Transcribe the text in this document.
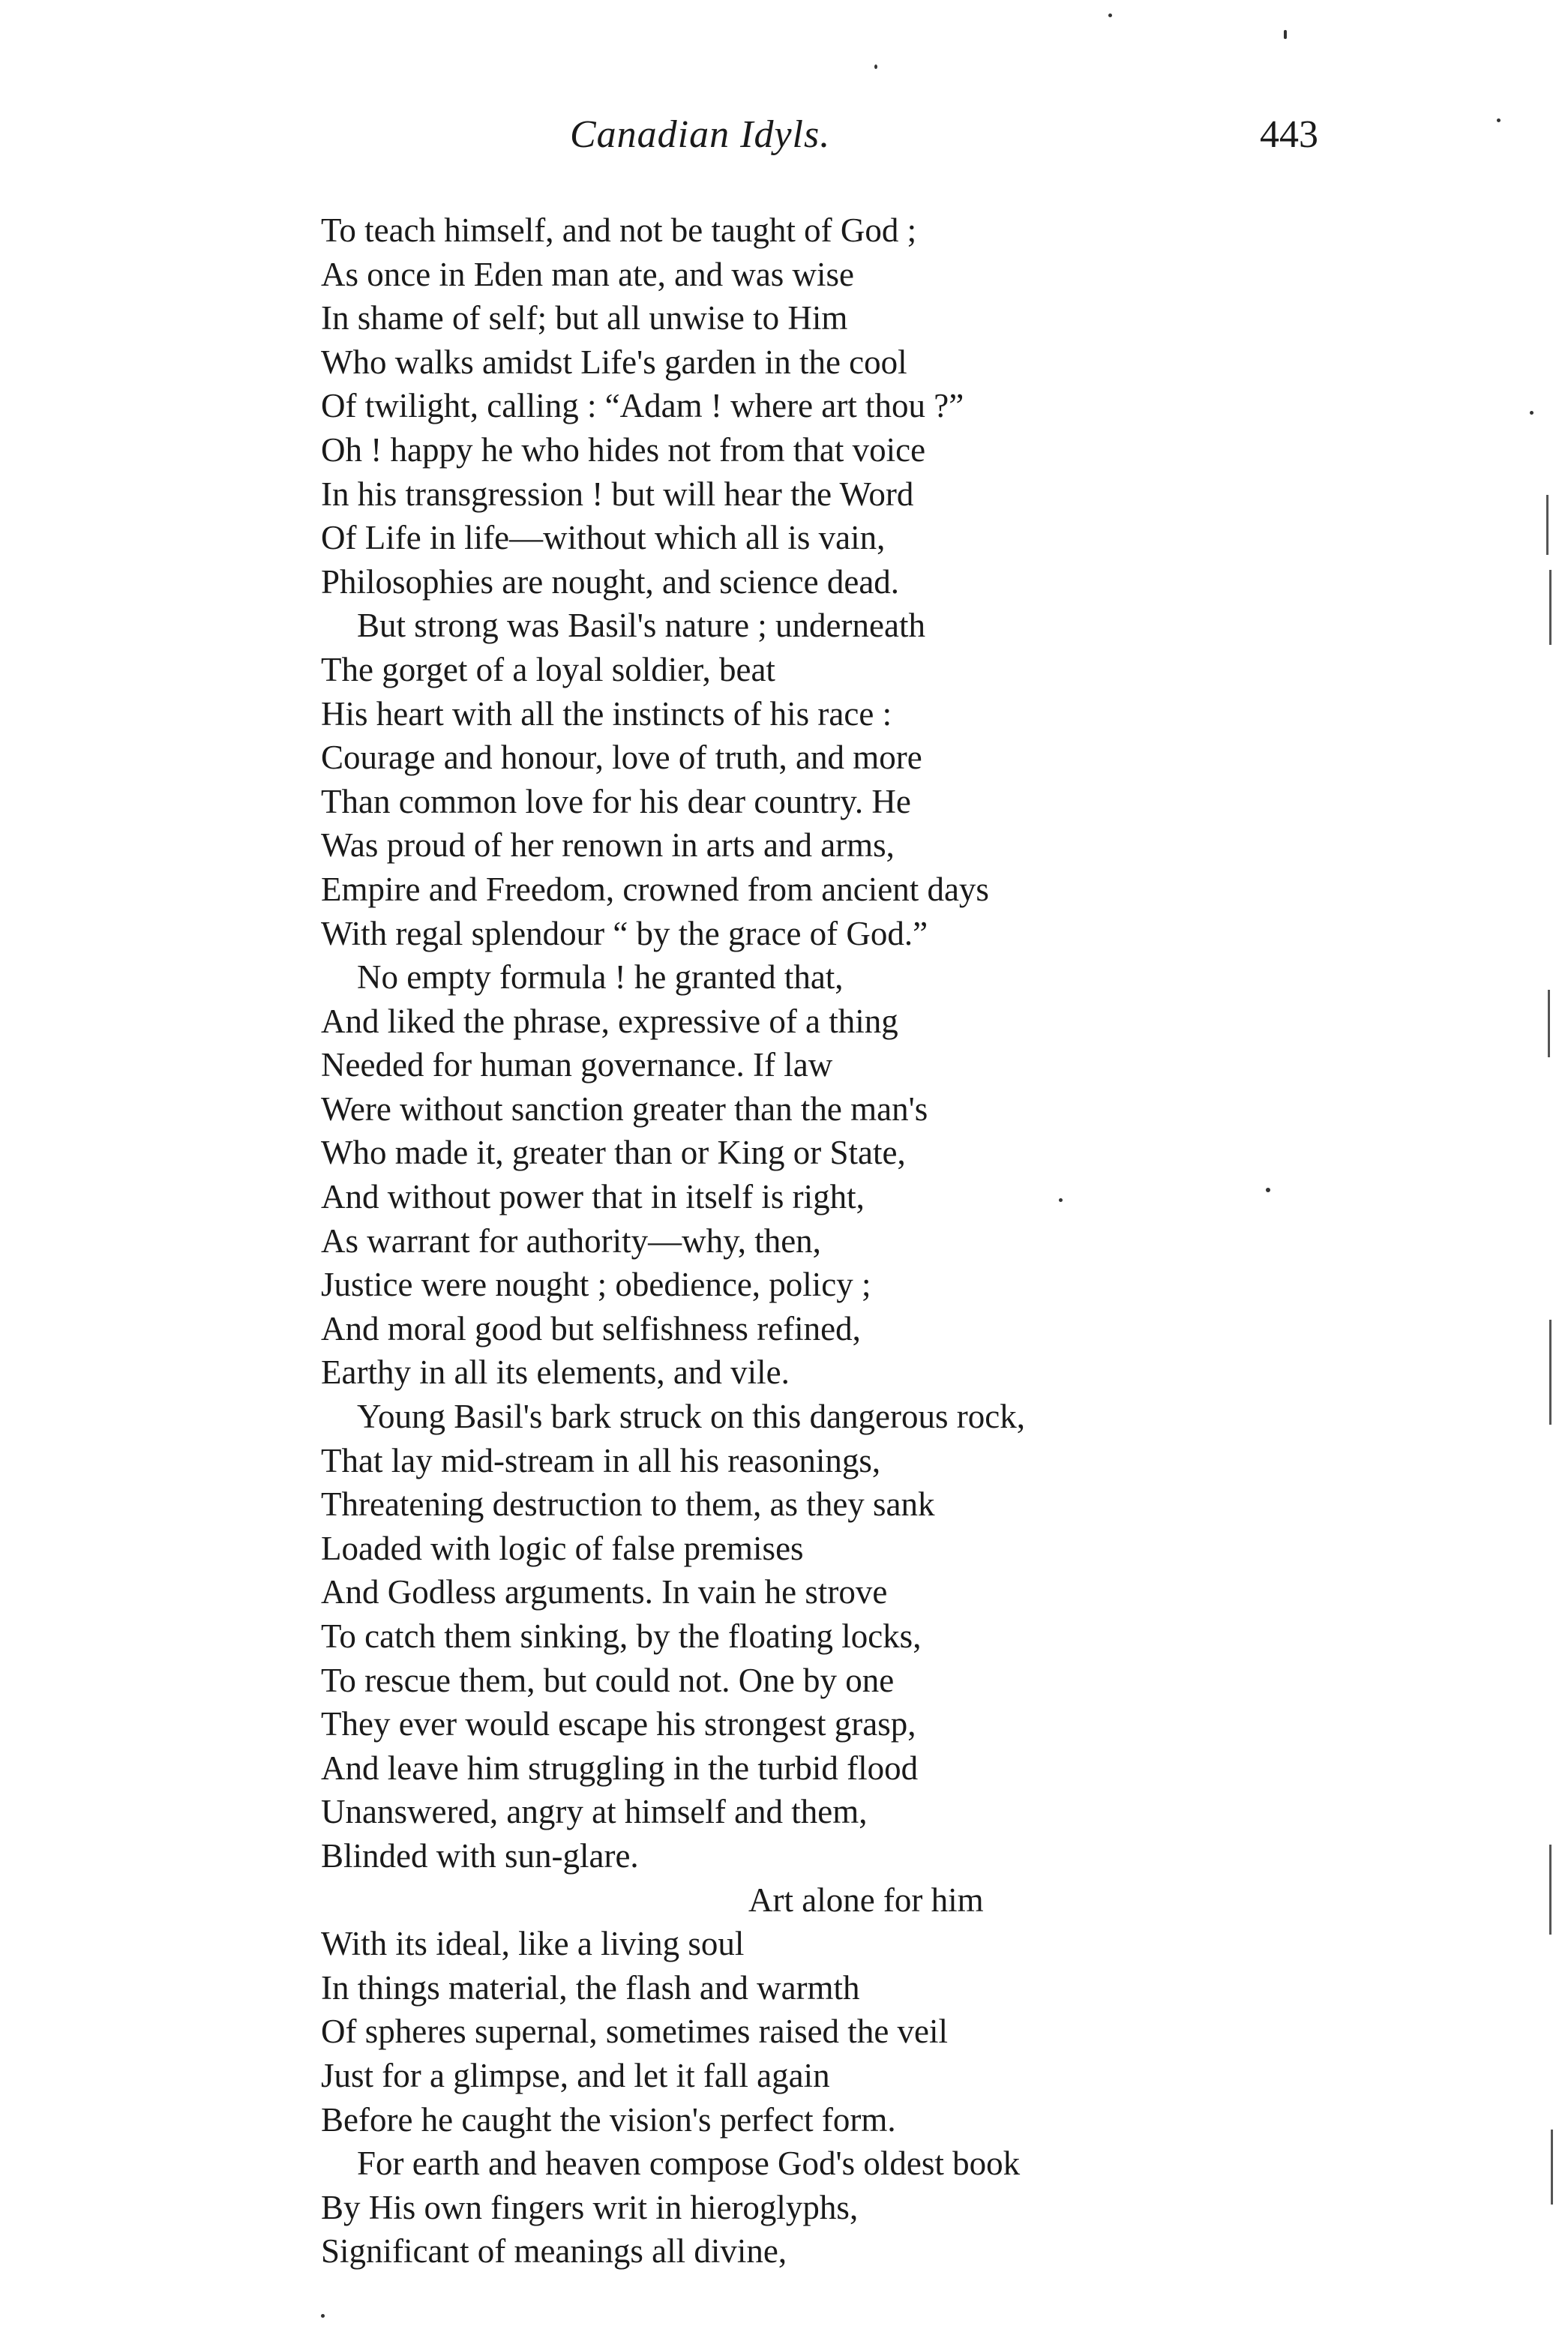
Canadian Idyls.	443
To teach himself, and not be taught of God ;
As once in Eden man ate, and was wise
In shame of self; but all unwise to Him
Who walks amidst Life's garden in the cool
Of twilight, calling : “Adam ! where art thou ?”
Oh ! happy he who hides not from that voice
In his transgression ! but will hear the Word
Of Life in life—without which all is vain,
Philosophies are nought, and science dead.
But strong was Basil's nature ; underneath
The gorget of a loyal soldier, beat
His heart with all the instincts of his race :
Courage and honour, love of truth, and more
Than common love for his dear country. He
Was proud of her renown in arts and arms,
Empire and Freedom, crowned from ancient days
With regal splendour “ by the grace of God.”
No empty formula ! he granted that,
And liked the phrase, expressive of a thing
Needed for human governance. If law
Were without sanction greater than the man's
Who made it, greater than or King or State,
And without power that in itself is right,
As warrant for authority—why, then,
Justice were nought ; obedience, policy ;
And moral good but selfishness refined,
Earthy in all its elements, and vile.
Young Basil's bark struck on this dangerous rock,
That lay mid-stream in all his reasonings,
Threatening destruction to them, as they sank
Loaded with logic of false premises
And Godless arguments. In vain he strove
To catch them sinking, by the floating locks,
To rescue them, but could not. One by one
They ever would escape his strongest grasp,
And leave him struggling in the turbid flood
Unanswered, angry at himself and them,
Blinded with sun-glare.
Art alone for him
With its ideal, like a living soul
In things material, the flash and warmth
Of spheres supernal, sometimes raised the veil
Just for a glimpse, and let it fall again
Before he caught the vision's perfect form.
For earth and heaven compose God's oldest book
By His own fingers writ in hieroglyphs,
Significant of meanings all divine,
